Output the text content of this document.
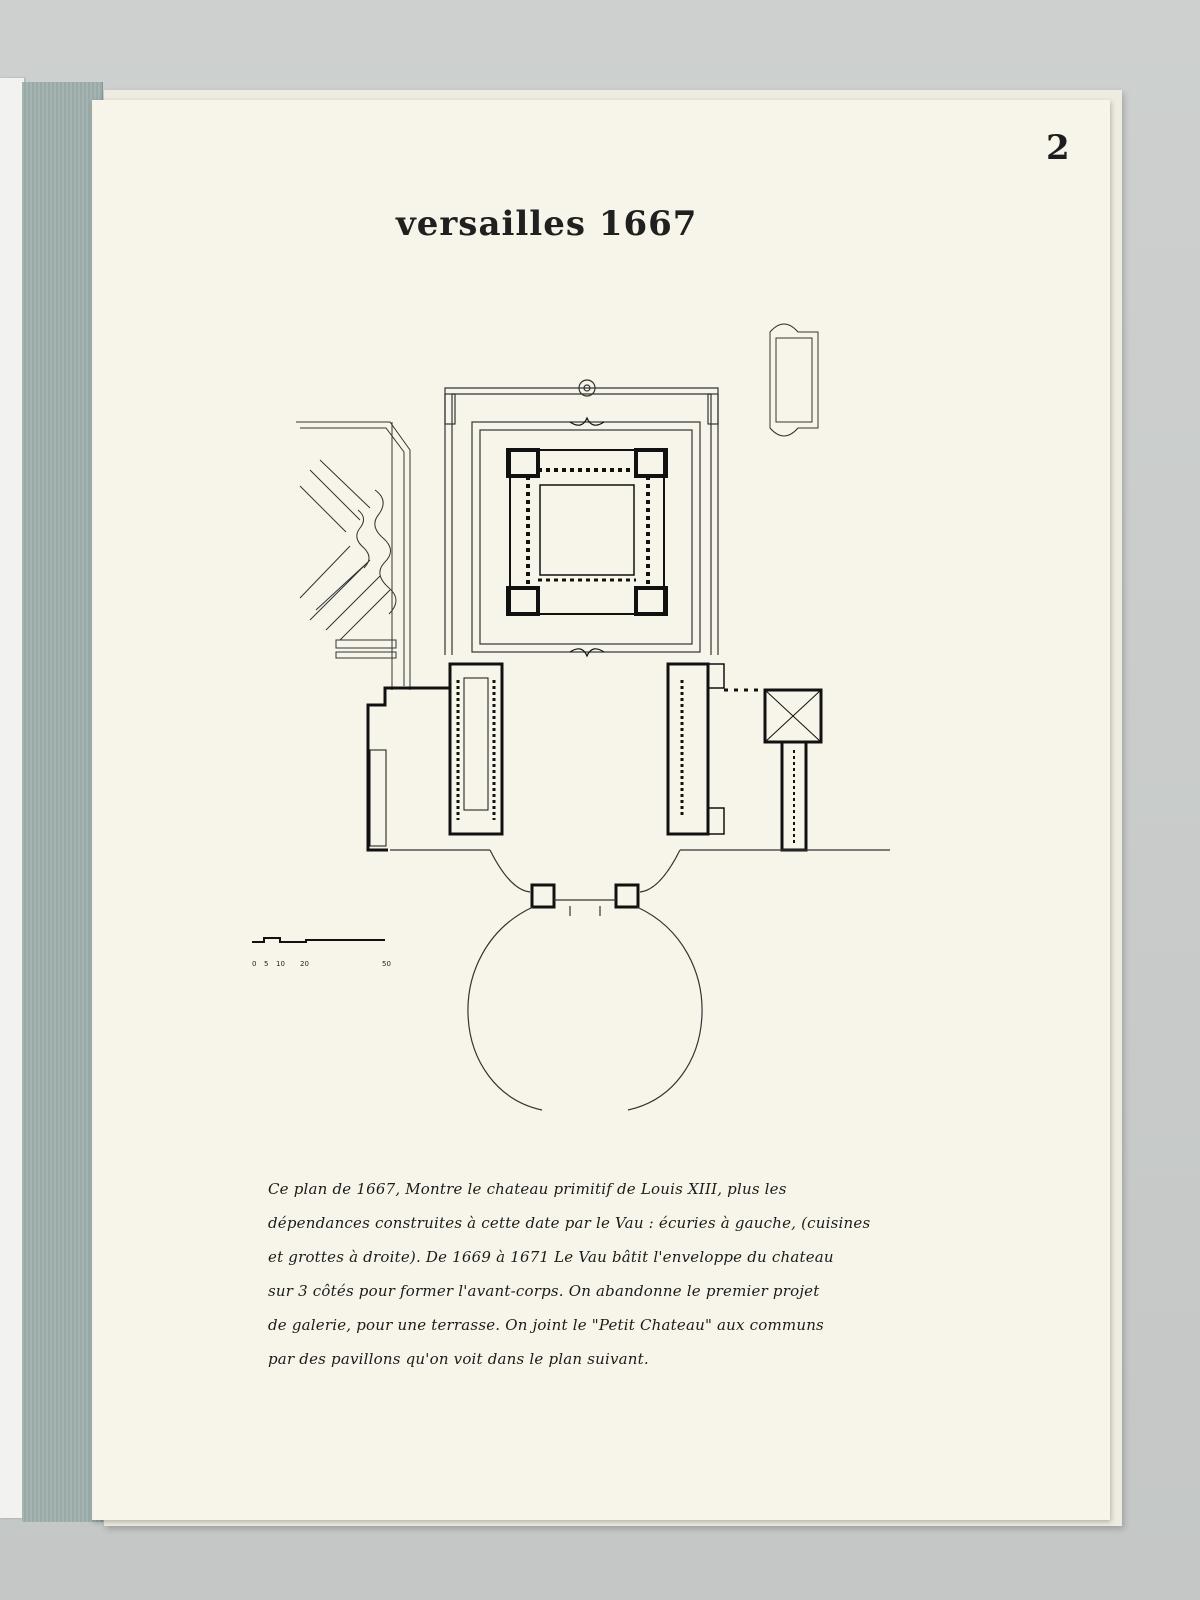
2
versailles 1667
0 5 10 20	50
Ce plan de 1667, Montre le chateau primitif de Louis XIII, plus les
dépendances construites à cette date par le Vau : écuries à gauche, (cuisines
et grottes à droite). De 1669 à 1671 Le Vau bâtit l'enveloppe du chateau
sur 3 côtés pour former l'avant-corps. On abandonne le premier projet
de galerie, pour une terrasse. On joint le "Petit Chateau" aux communs
par des pavillons qu'on voit dans le plan suivant.
